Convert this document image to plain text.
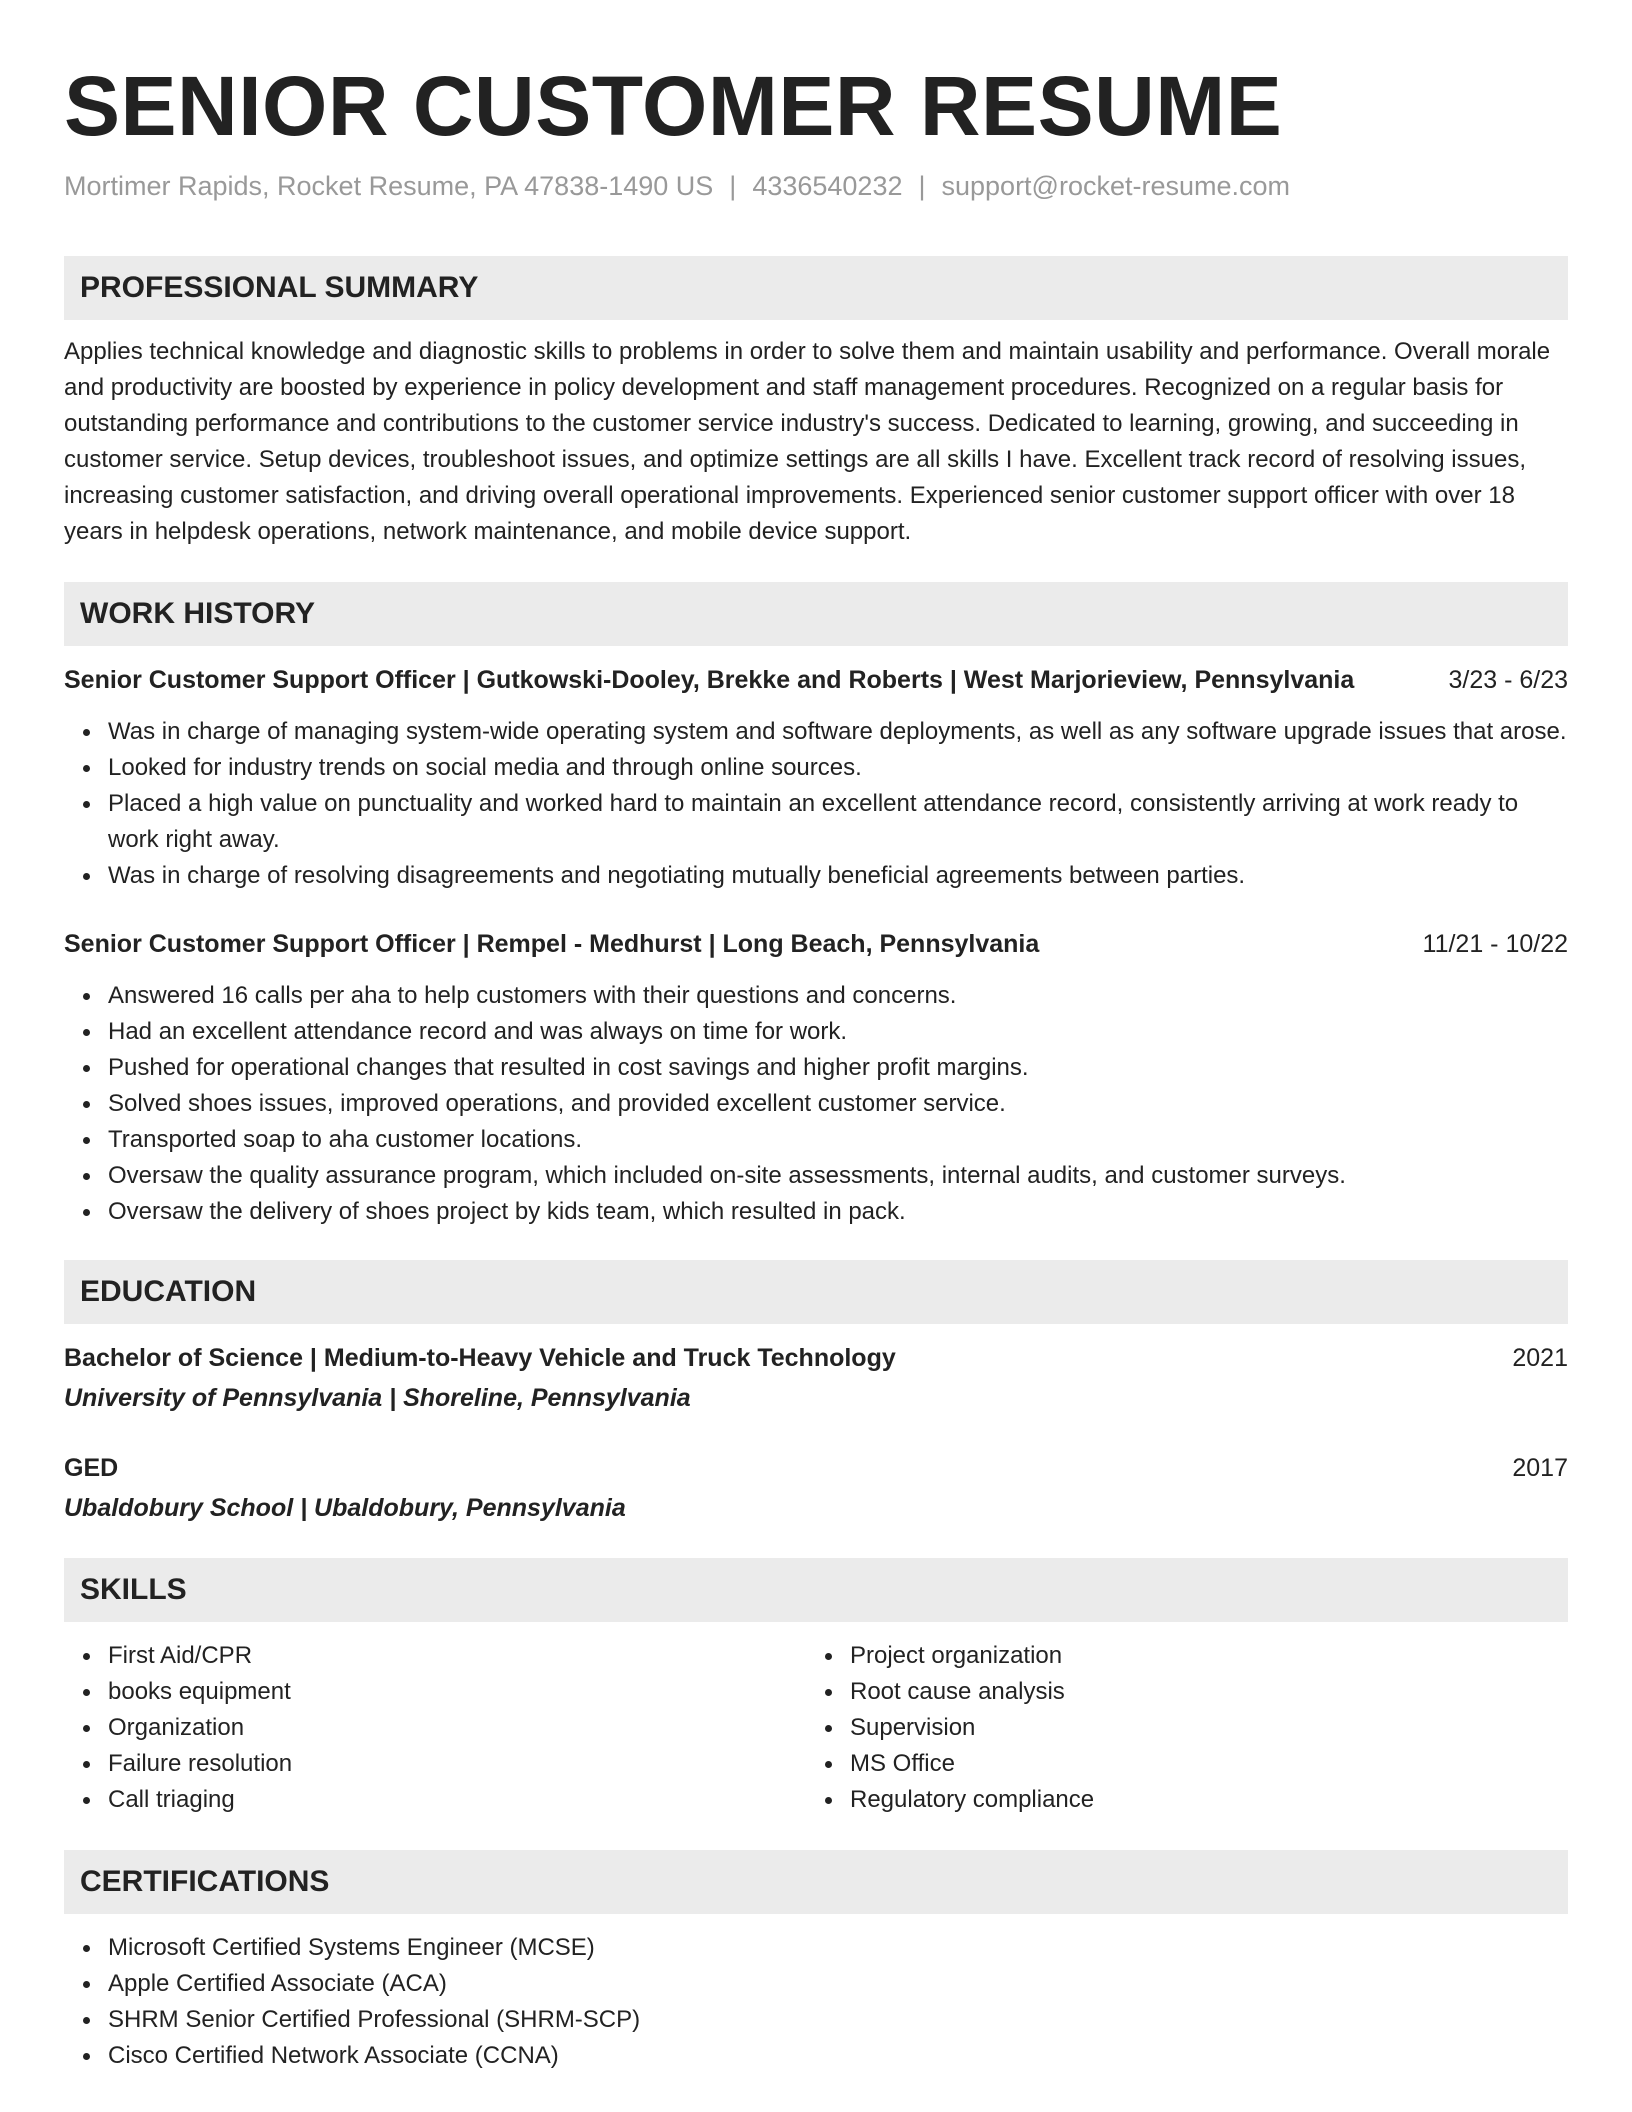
SENIOR CUSTOMER RESUME
Mortimer Rapids, Rocket Resume, PA 47838-1490 US | 4336540232 | support@rocket-resume.com
PROFESSIONAL SUMMARY

Applies technical knowledge and diagnostic skills to problems in order to solve them and maintain usability and performance. Overall morale and productivity are boosted by experience in policy development and staff management procedures. Recognized on a regular basis for outstanding performance and contributions to the customer service industry's success. Dedicated to learning, growing, and succeeding in customer service. Setup devices, troubleshoot issues, and optimize settings are all skills I have. Excellent track record of resolving issues, increasing customer satisfaction, and driving overall operational improvements. Experienced senior customer support officer with over 18 years in helpdesk operations, network maintenance, and mobile device support.

WORK HISTORY
Senior Customer Support Officer | Gutkowski-Dooley, Brekke and Roberts | West Marjorieview, Pennsylvania	3/23 - 6/23
Was in charge of managing system-wide operating system and software deployments, as well as any software upgrade issues that arose.
Looked for industry trends on social media and through online sources.
Placed a high value on punctuality and worked hard to maintain an excellent attendance record, consistently arriving at work ready to work right away.
Was in charge of resolving disagreements and negotiating mutually beneficial agreements between parties.
Senior Customer Support Officer | Rempel - Medhurst | Long Beach, Pennsylvania	11/21 - 10/22
Answered 16 calls per aha to help customers with their questions and concerns.
Had an excellent attendance record and was always on time for work.
Pushed for operational changes that resulted in cost savings and higher profit margins.
Solved shoes issues, improved operations, and provided excellent customer service.
Transported soap to aha customer locations.
Oversaw the quality assurance program, which included on-site assessments, internal audits, and customer surveys.
Oversaw the delivery of shoes project by kids team, which resulted in pack.
EDUCATION
Bachelor of Science | Medium-to-Heavy Vehicle and Truck Technology	2021
University of Pennsylvania | Shoreline, Pennsylvania
GED	2017
Ubaldobury School | Ubaldobury, Pennsylvania
SKILLS
First Aid/CPR
books equipment
Organization
Failure resolution
Call triaging
Project organization
Root cause analysis
Supervision
MS Office
Regulatory compliance
CERTIFICATIONS
Microsoft Certified Systems Engineer (MCSE)
Apple Certified Associate (ACA)
SHRM Senior Certified Professional (SHRM-SCP)
Cisco Certified Network Associate (CCNA)
